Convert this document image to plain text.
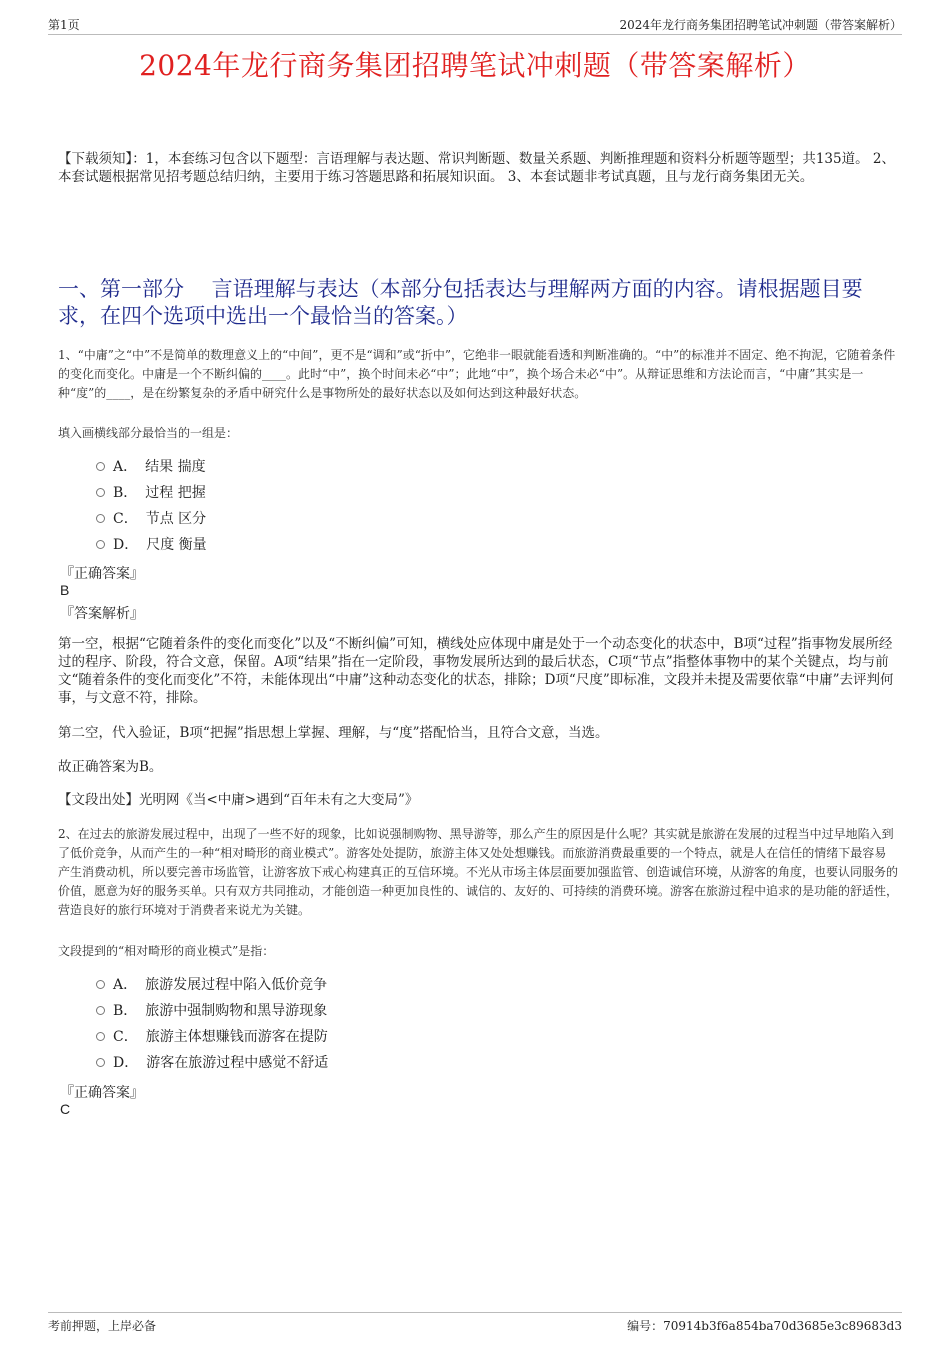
第1页	2024年龙行商务集团招聘笔试冲刺题（带答案解析）
2024年龙行商务集团招聘笔试冲刺题（带答案解析）
【下载须知】：1，本套练习包含以下题型：言语理解与表达题、常识判断题、数量关系题、判断推理题和资料分析题等题型；共135道。 2、本套试题根据常见招考题总结归纳，主要用于练习答题思路和拓展知识面。 3、本套试题非考试真题，且与龙行商务集团无关。
一、第一部分　 言语理解与表达（本部分包括表达与理解两方面的内容。请根据题目要求，在四个选项中选出一个最恰当的答案。）
1、“中庸”之“中”不是简单的数理意义上的“中间”，更不是“调和”或“折中”，它绝非一眼就能看透和判断准确的。“中”的标准并不固定、绝不拘泥，它随着条件的变化而变化。中庸是一个不断纠偏的____。此时“中”，换个时间未必“中”；此地“中”，换个场合未必“中”。从辩证思维和方法论而言，“中庸”其实是一种“度”的____，是在纷繁复杂的矛盾中研究什么是事物所处的最好状态以及如何达到这种最好状态。
填入画横线部分最恰当的一组是：
A． 结果 揣度
B． 过程 把握
C． 节点 区分
D． 尺度 衡量
『正确答案』
B
『答案解析』
第一空，根据“它随着条件的变化而变化”以及“不断纠偏”可知，横线处应体现中庸是处于一个动态变化的状态中，B项“过程”指事物发展所经过的程序、阶段，符合文意，保留。A项“结果”指在一定阶段，事物发展所达到的最后状态，C项“节点”指整体事物中的某个关键点，均与前文“随着条件的变化而变化”不符，未能体现出“中庸”这种动态变化的状态，排除；D项“尺度”即标准，文段并未提及需要依靠“中庸”去评判何事，与文意不符，排除。
第二空，代入验证，B项“把握”指思想上掌握、理解，与“度”搭配恰当，且符合文意，当选。
故正确答案为B。
【文段出处】光明网《当<中庸>遇到“百年未有之大变局”》
2、在过去的旅游发展过程中，出现了一些不好的现象，比如说强制购物、黑导游等，那么产生的原因是什么呢？其实就是旅游在发展的过程当中过早地陷入到了低价竞争，从而产生的一种“相对畸形的商业模式”。游客处处提防，旅游主体又处处想赚钱。而旅游消费最重要的一个特点，就是人在信任的情绪下最容易产生消费动机，所以要完善市场监管，让游客放下戒心构建真正的互信环境。不光从市场主体层面要加强监管、创造诚信环境，从游客的角度，也要认同服务的价值，愿意为好的服务买单。只有双方共同推动，才能创造一种更加良性的、诚信的、友好的、可持续的消费环境。游客在旅游过程中追求的是功能的舒适性，营造良好的旅行环境对于消费者来说尤为关键。
文段提到的“相对畸形的商业模式”是指：
A． 旅游发展过程中陷入低价竞争
B． 旅游中强制购物和黑导游现象
C． 旅游主体想赚钱而游客在提防
D． 游客在旅游过程中感觉不舒适
『正确答案』
C
考前押题，上岸必备	编号：70914b3f6a854ba70d3685e3c89683d3
